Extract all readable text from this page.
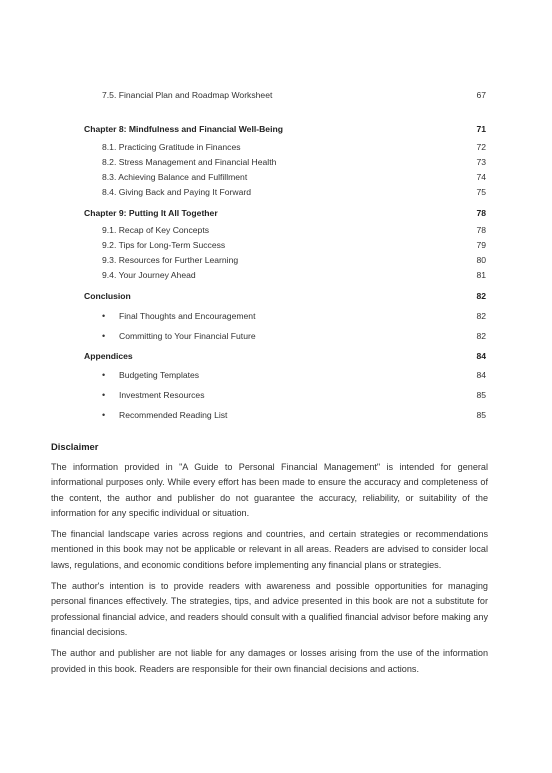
7.5. Financial Plan and Roadmap Worksheet	67
Chapter 8: Mindfulness and Financial Well-Being	71
8.1. Practicing Gratitude in Finances	72
8.2. Stress Management and Financial Health	73
8.3. Achieving Balance and Fulfillment	74
8.4. Giving Back and Paying It Forward	75
Chapter 9: Putting It All Together	78
9.1. Recap of Key Concepts	78
9.2. Tips for Long-Term Success	79
9.3. Resources for Further Learning	80
9.4. Your Journey Ahead	81
Conclusion	82
• Final Thoughts and Encouragement	82
• Committing to Your Financial Future	82
Appendices	84
• Budgeting Templates	84
• Investment Resources	85
• Recommended Reading List	85
Disclaimer

The information provided in "A Guide to Personal Financial Management" is intended for general informational purposes only. While every effort has been made to ensure the accuracy and completeness of the content, the author and publisher do not guarantee the accuracy, reliability, or suitability of the information for any specific individual or situation.

The financial landscape varies across regions and countries, and certain strategies or recommendations mentioned in this book may not be applicable or relevant in all areas. Readers are advised to consider local laws, regulations, and economic conditions before implementing any financial plans or strategies.

The author's intention is to provide readers with awareness and possible opportunities for managing personal finances effectively. The strategies, tips, and advice presented in this book are not a substitute for professional financial advice, and readers should consult with a qualified financial advisor before making any financial decisions.

The author and publisher are not liable for any damages or losses arising from the use of the information provided in this book. Readers are responsible for their own financial decisions and actions.
